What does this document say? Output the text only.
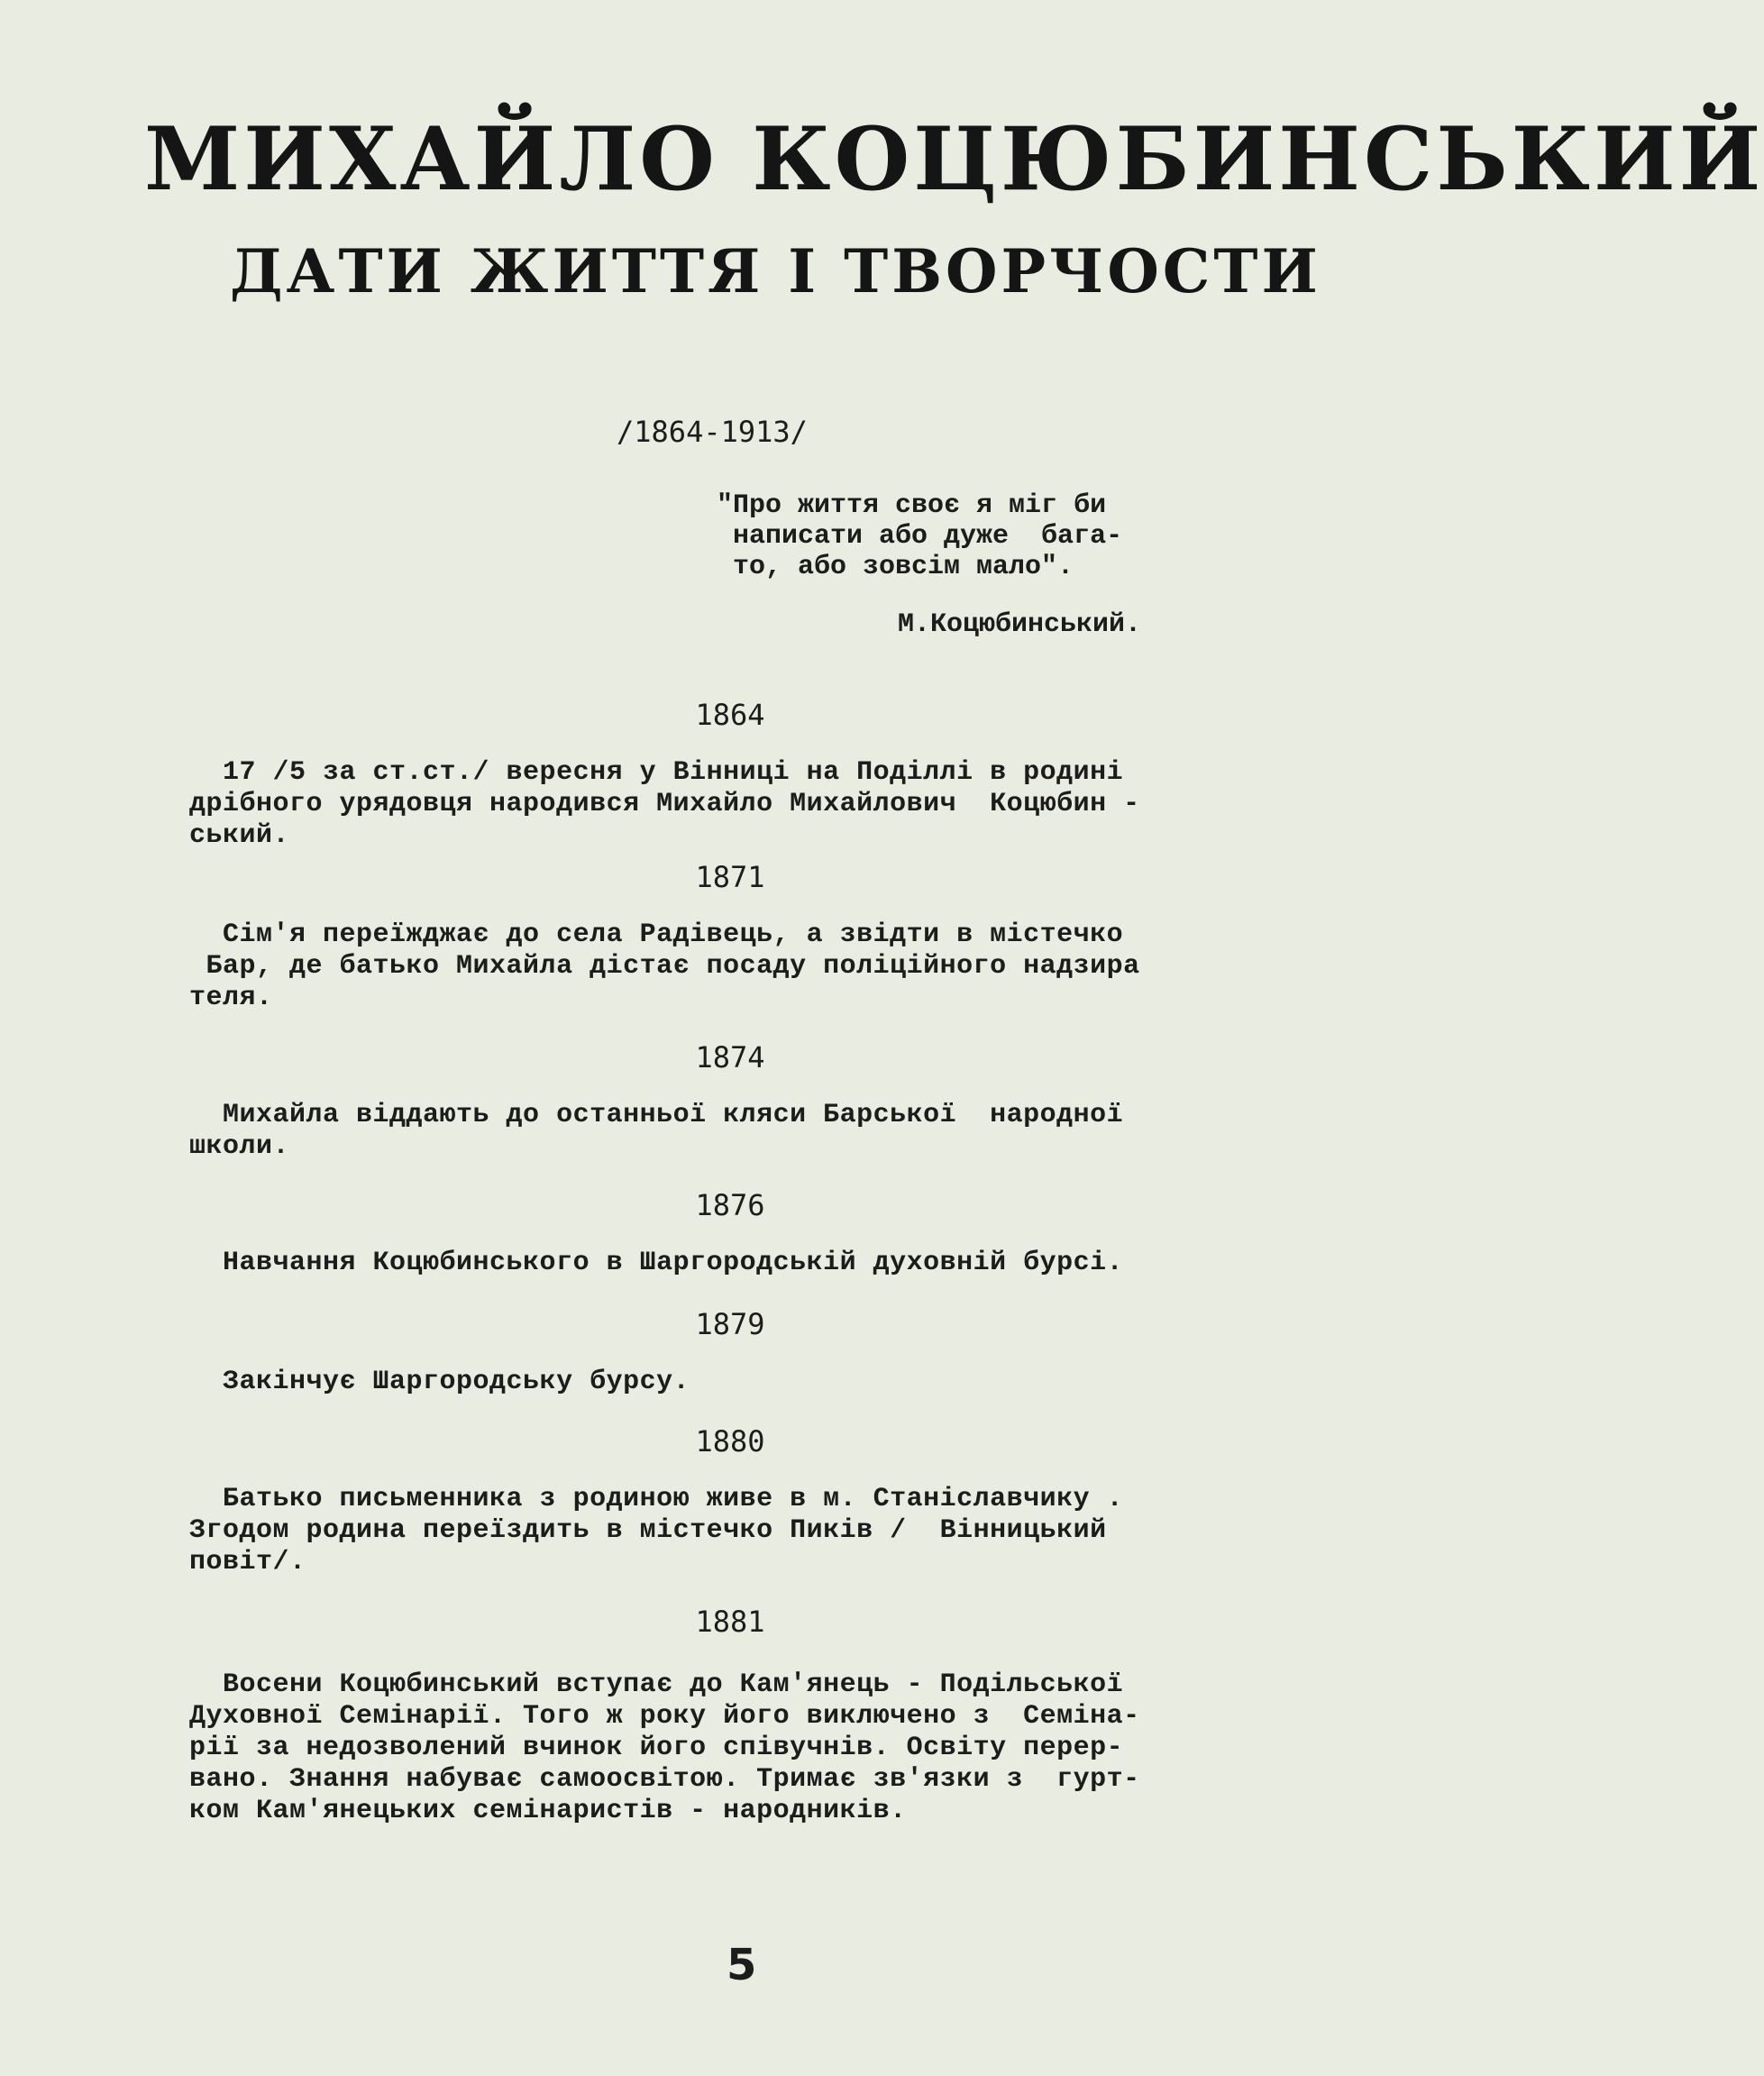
МИХАЙЛО КОЦЮБИНСЬКИЙ
ДАТИ ЖИТТЯ І ТВОРЧОСТИ
/1864-1913/
"Про життя своє я міг би
написати або дуже  бага-
то, або зовсім мало".
М.Коцюбинський.
1864
17 /5 за ст.ст./ вересня у Вінниці на Поділлі в родині
дрібного урядовця народився Михайло Михайлович  Коцюбин -
ський.
1871
Сім'я переїжджає до села Радівець, а звідти в містечко
Бар, де батько Михайла дістає посаду поліційного надзира
теля.
1874
Михайла віддають до останньої кляси Барської  народної
школи.
1876
Навчання Коцюбинського в Шаргородській духовній бурсі.
1879
Закінчує Шаргородську бурсу.
1880
Батько письменника з родиною живе в м. Станіславчику .
Згодом родина переїздить в містечко Пиків /  Вінницький
повіт/.
1881
Восени Коцюбинський вступає до Кам'янець - Подільської
Духовної Семінарії. Того ж року його виключено з  Семіна-
рії за недозволений вчинок його співучнів. Освіту перер-
вано. Знання набуває самоосвітою. Тримає зв'язки з  гурт-
ком Кам'янецьких семінаристів - народників.
5
